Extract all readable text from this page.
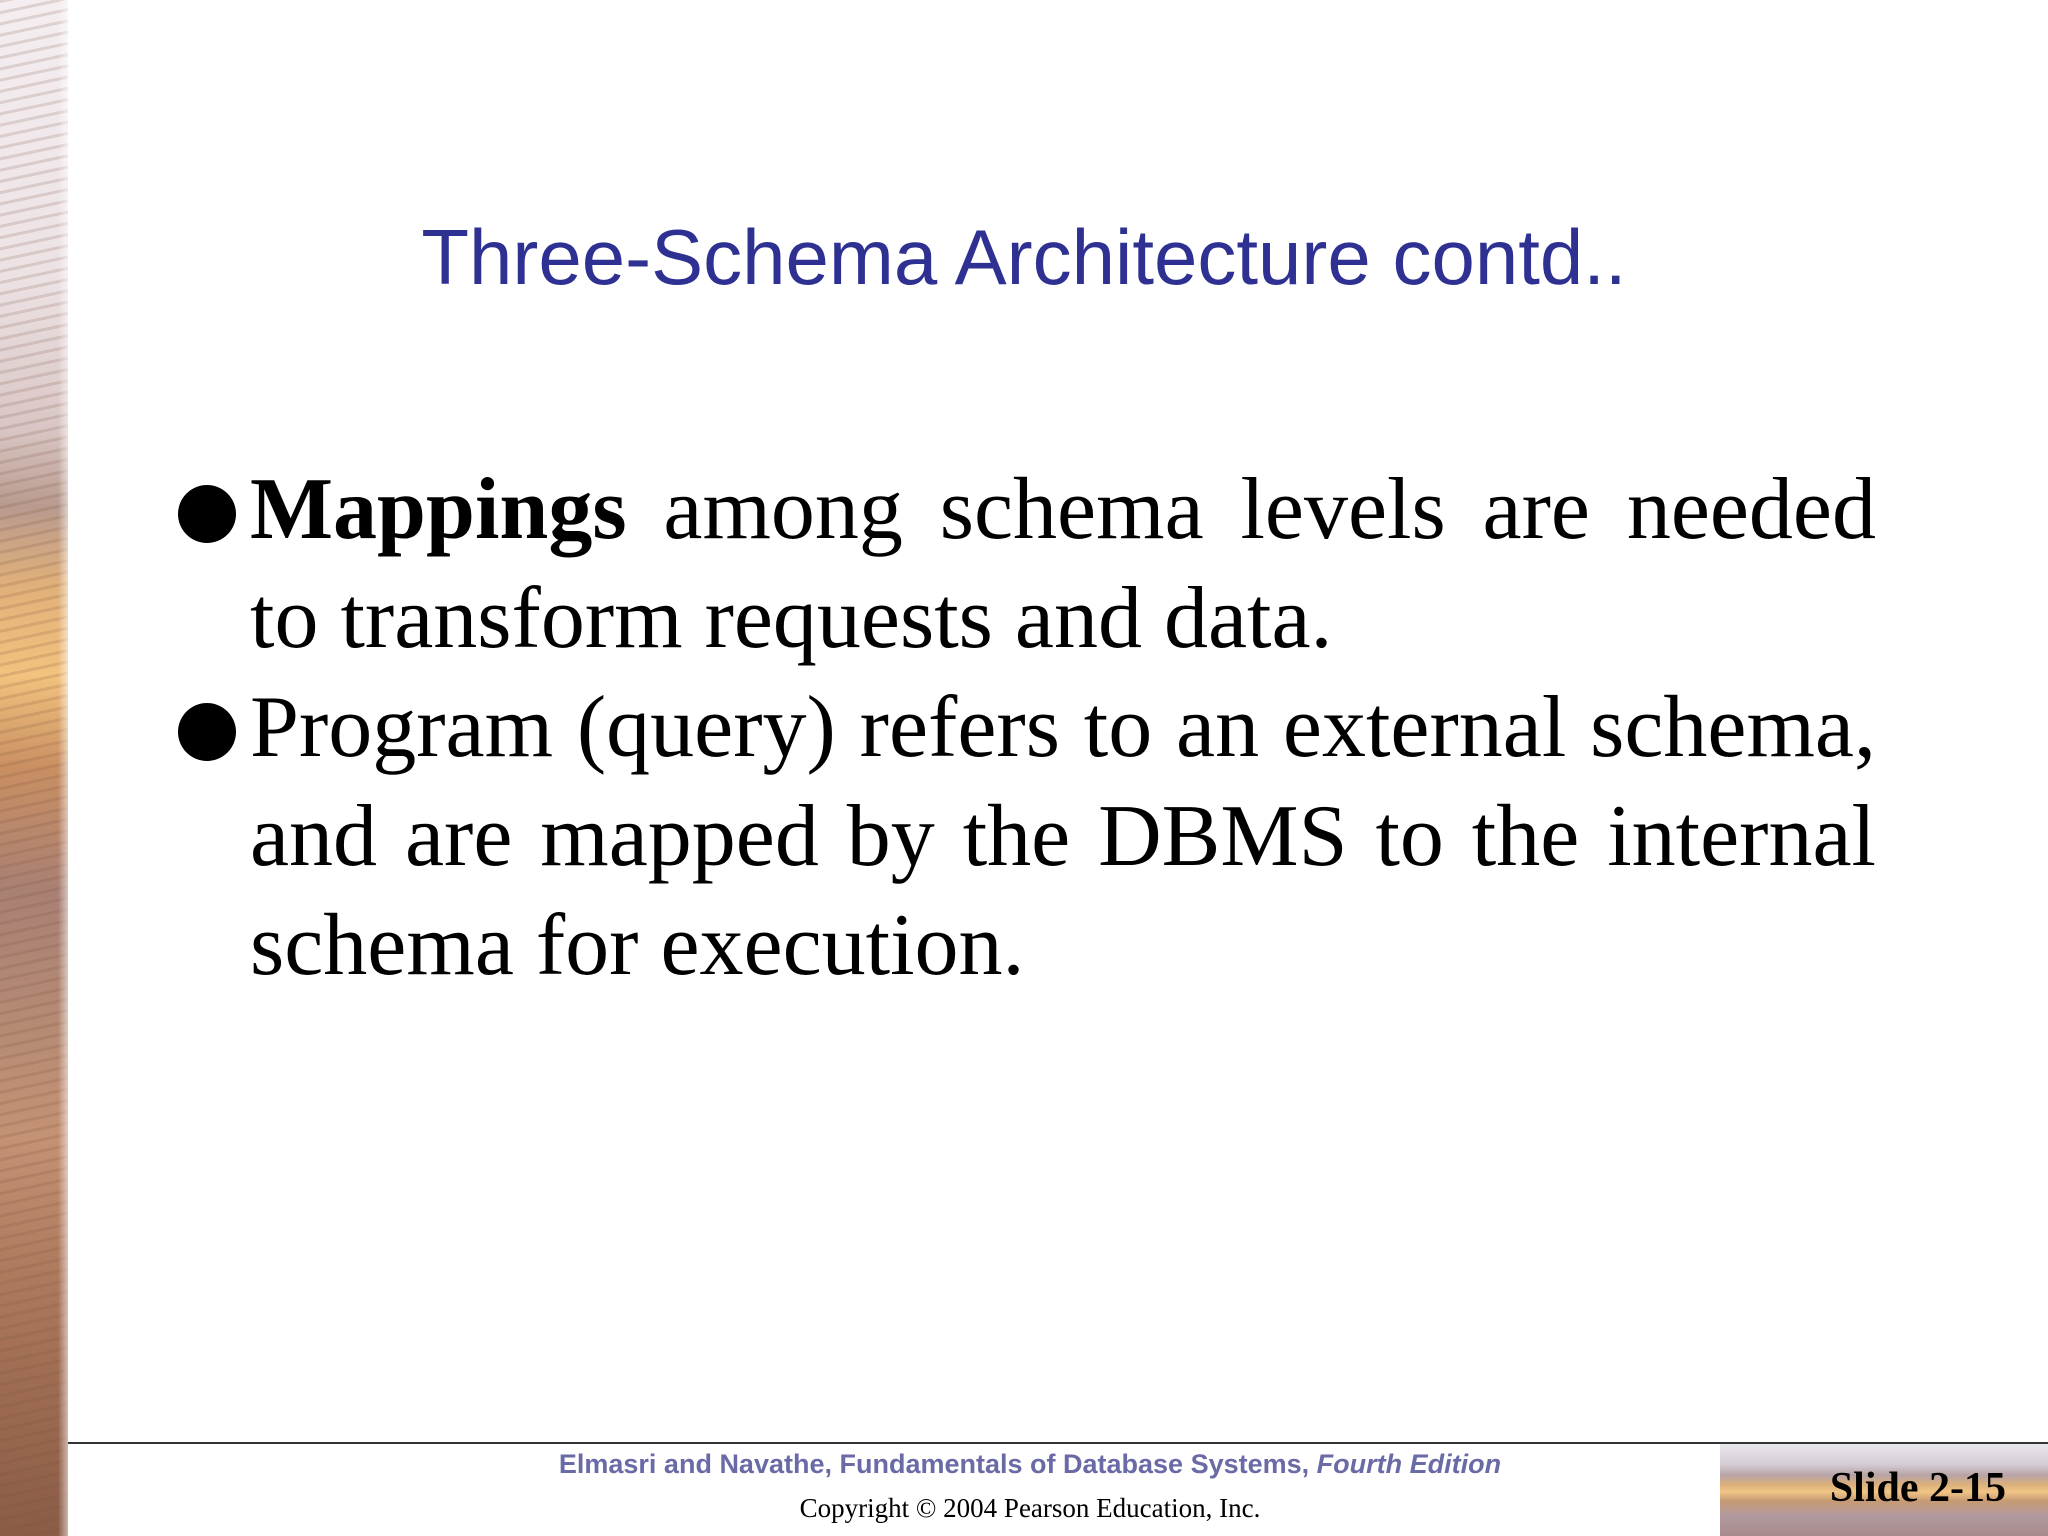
Three-Schema Architecture contd..
Mappings among schema levels are needed to transform requests and data.
Program (query) refers to an external schema, and are mapped by the DBMS to the internal schema for execution.
Elmasri and Navathe, Fundamentals of Database Systems, Fourth Edition
Copyright © 2004 Pearson Education, Inc.	Slide 2-15
